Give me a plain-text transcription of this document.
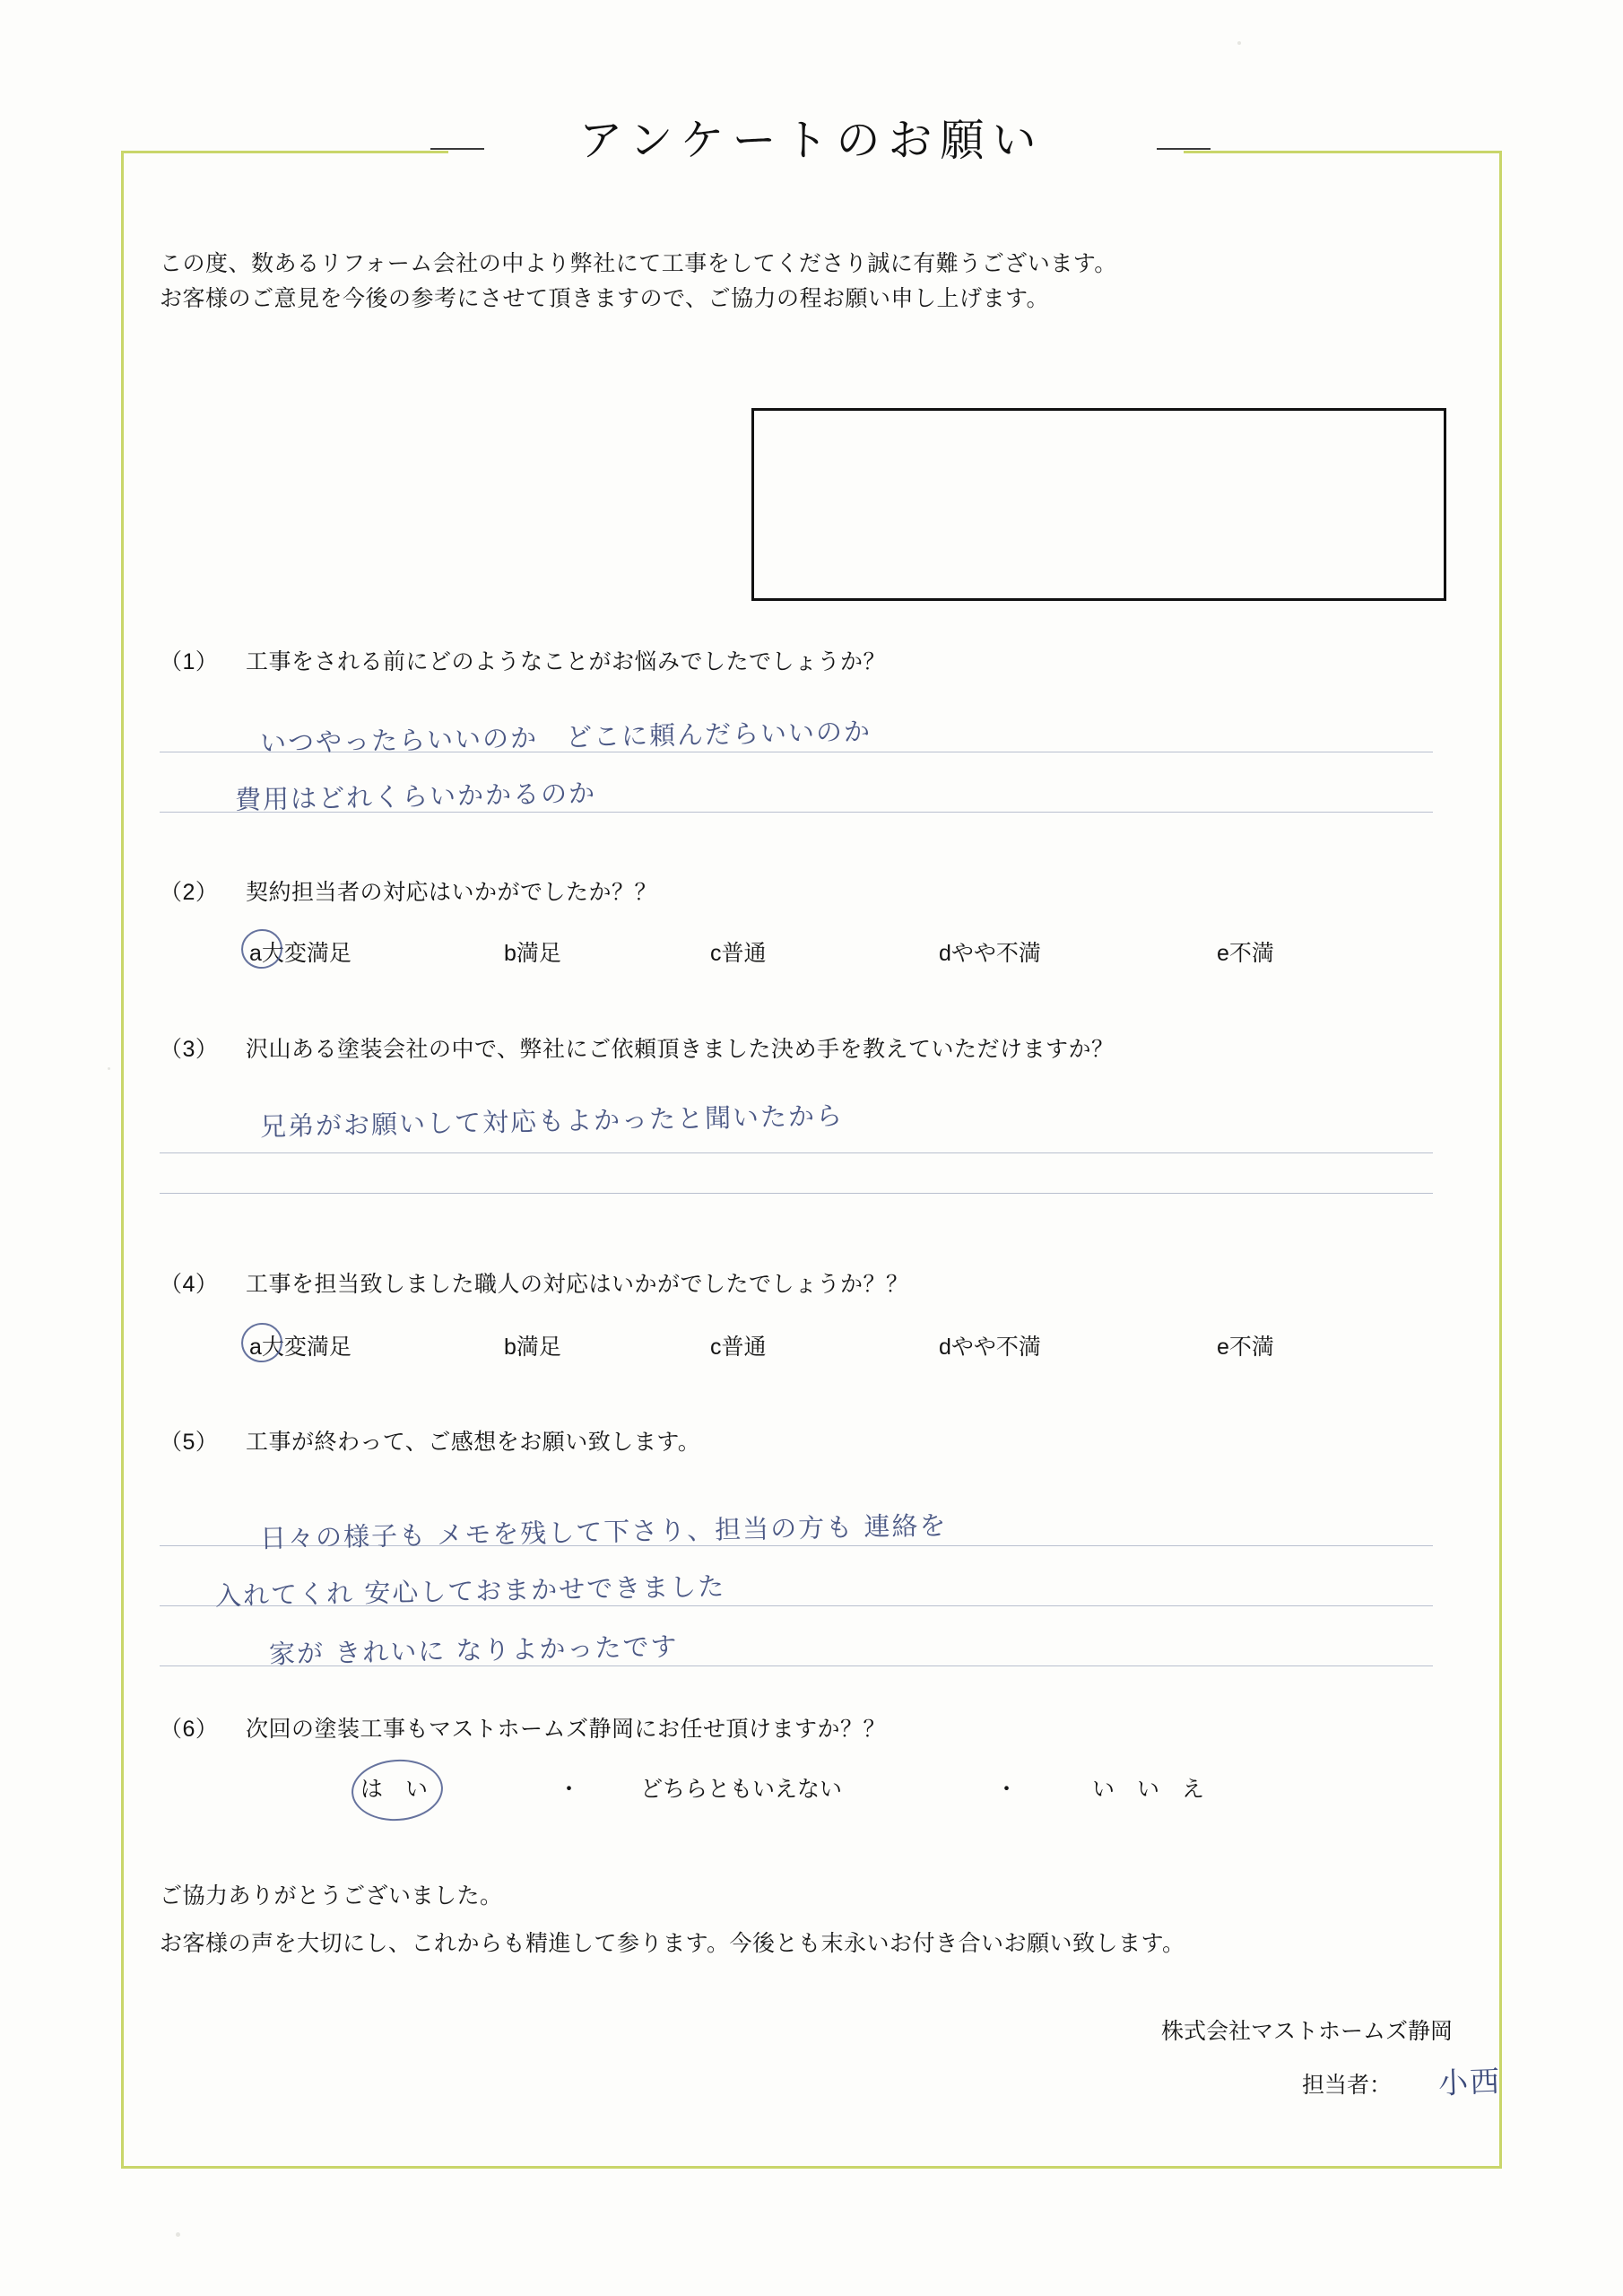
アンケートのお願い
この度、数あるリフォーム会社の中より弊社にて工事をしてくださり誠に有難うございます。
お客様のご意見を今後の参考にさせて頂きますので、ご協力の程お願い申し上げます。
（1） 工事をされる前にどのようなことがお悩みでしたでしょうか？
いつやったらいいのか　どこに頼んだらいいのか
費用はどれくらいかかるのか
（2） 契約担当者の対応はいかがでしたか？？
a大変満足	b満足	c普通	dやや不満	e不満
（3） 沢山ある塗装会社の中で、弊社にご依頼頂きました決め手を教えていただけますか？
兄弟がお願いして対応もよかったと聞いたから
（4） 工事を担当致しました職人の対応はいかがでしたでしょうか？？
a大変満足	b満足	c普通	dやや不満	e不満
（5） 工事が終わって、ご感想をお願い致します。
日々の様子も メモを残して下さり、担当の方も 連絡を
入れてくれ 安心しておまかせできました
家が きれいに なりよかったです
（6） 次回の塗装工事もマストホームズ静岡にお任せ頂けますか？？
は　い	・	どちらともいえない	・	い　い　え
ご協力ありがとうございました。
お客様の声を大切にし、これからも精進して参ります。今後とも末永いお付き合いお願い致します。
株式会社マストホームズ静岡
担当者： 小西
